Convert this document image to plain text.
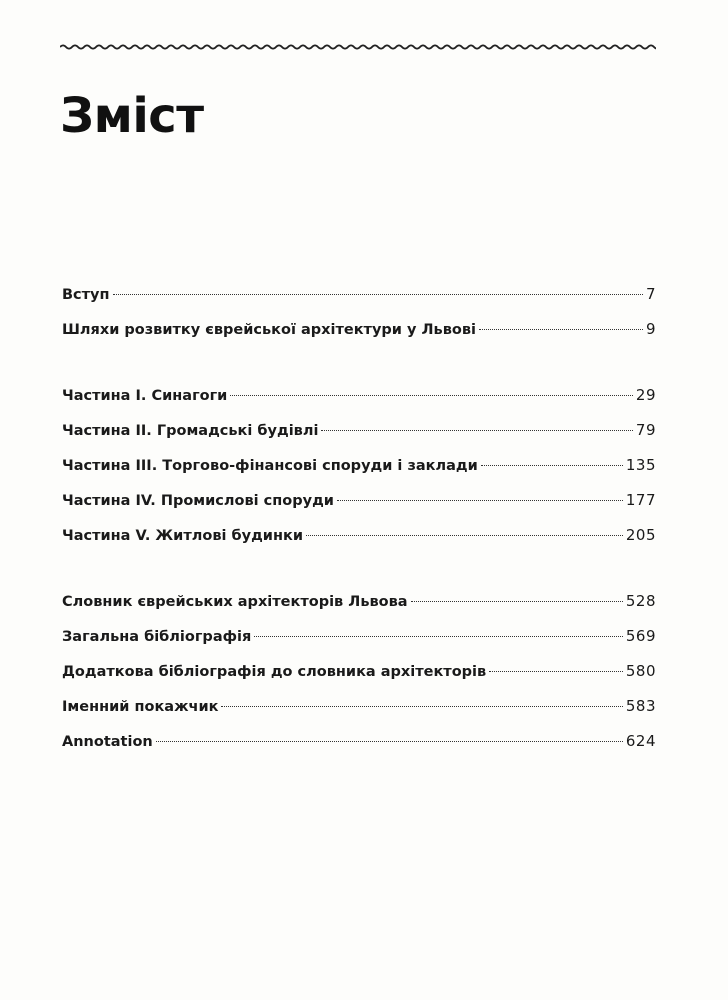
Зміст
Вступ	7
Шляхи розвитку єврейської архітектури у Львові	9
Частина І. Синагоги	29
Частина ІІ. Громадські будівлі	79
Частина ІІІ. Торгово-фінансові споруди і заклади	135
Частина IV. Промислові споруди	177
Частина V. Житлові будинки	205
Словник єврейських архітекторів Львова	528
Загальна бібліографія	569
Додаткова бібліографія до словника архітекторів	580
Іменний покажчик	583
Annotation	624
